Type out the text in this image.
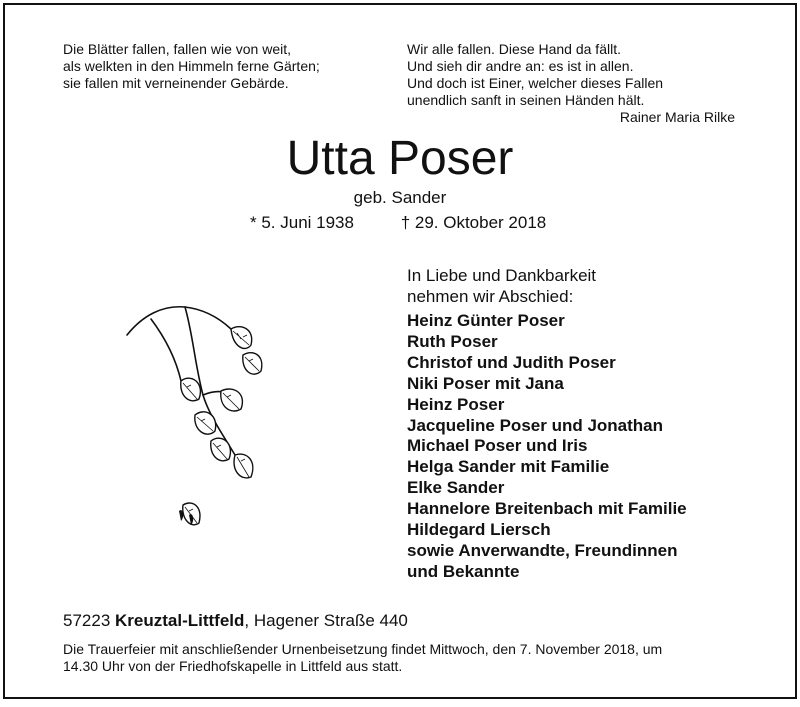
Die Blätter fallen, fallen wie von weit,
als welkten in den Himmeln ferne Gärten;
sie fallen mit verneinender Gebärde.
Wir alle fallen. Diese Hand da fällt.
Und sieh dir andre an: es ist in allen.
Und doch ist Einer, welcher dieses Fallen
unendlich sanft in seinen Händen hält.
Rainer Maria Rilke
Utta Poser
geb. Sander
* 5. Juni 1938	† 29. Oktober 2018
In Liebe und Dankbarkeit
nehmen wir Abschied:
Heinz Günter Poser
Ruth Poser
Christof und Judith Poser
Niki Poser mit Jana
Heinz Poser
Jacqueline Poser und Jonathan
Michael Poser und Iris
Helga Sander mit Familie
Elke Sander
Hannelore Breitenbach mit Familie
Hildegard Liersch
sowie Anverwandte, Freundinnen
und Bekannte
57223 Kreuztal-Littfeld, Hagener Straße 440
Die Trauerfeier mit anschließender Urnenbeisetzung findet Mittwoch, den 7. November 2018, um
14.30 Uhr von der Friedhofskapelle in Littfeld aus statt.
